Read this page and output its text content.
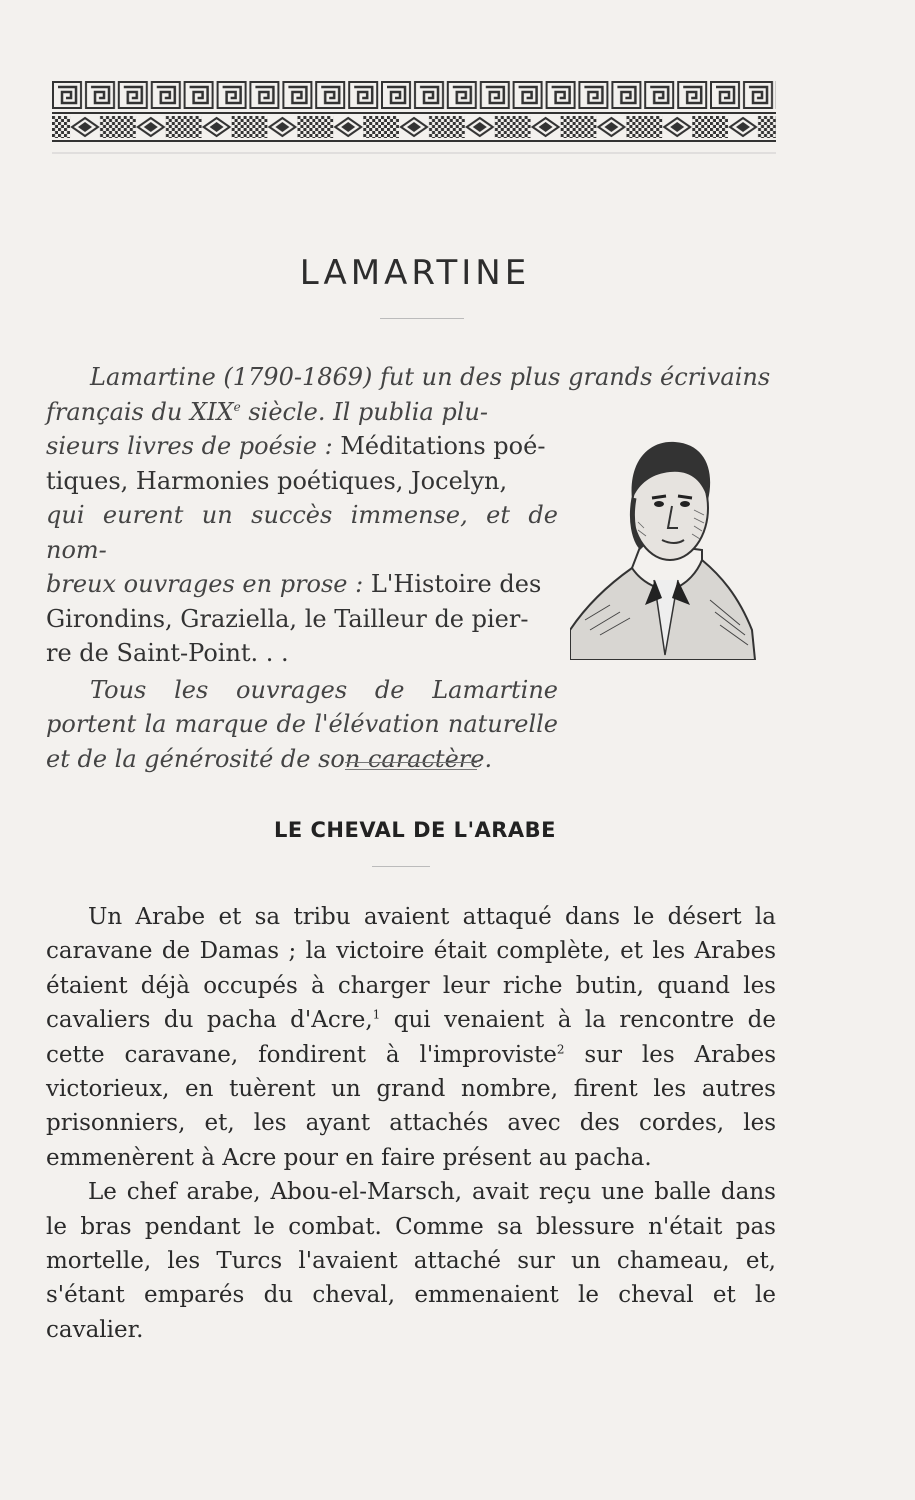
LAMARTINE

Lamartine (1790-1869) fut un des plus grands écrivains

français du XIXe siècle. Il publia plu-
sieurs livres de poésie : Méditations poé-
tiques, Harmonies poétiques, Jocelyn,
qui eurent un succès immense, et de nom-
breux ouvrages en prose : L'Histoire des
Girondins, Graziella, le Tailleur de pier-
re de Saint-Point. . .

Tous les ouvrages de Lamartine portent la marque de l'élévation naturelle et de la générosité de son caractère.

LE CHEVAL DE L'ARABE

Un Arabe et sa tribu avaient attaqué dans le désert la caravane de Damas ; la victoire était complète, et les Arabes étaient déjà occupés à charger leur riche butin, quand les cavaliers du pacha d'Acre,$^1$ qui venaient à la rencontre de cette caravane, fondirent à l'improviste$^2$ sur les Arabes victorieux, en tuèrent un grand nombre, firent les autres prisonniers, et, les ayant attachés avec des cordes, les emmenèrent à Acre pour en faire présent au pacha.

Le chef arabe, Abou-el-Marsch, avait reçu une balle dans le bras pendant le combat. Comme sa blessure n'était pas mortelle, les Turcs l'avaient attaché sur un chameau, et, s'étant emparés du cheval, emmenaient le cheval et le cavalier.
